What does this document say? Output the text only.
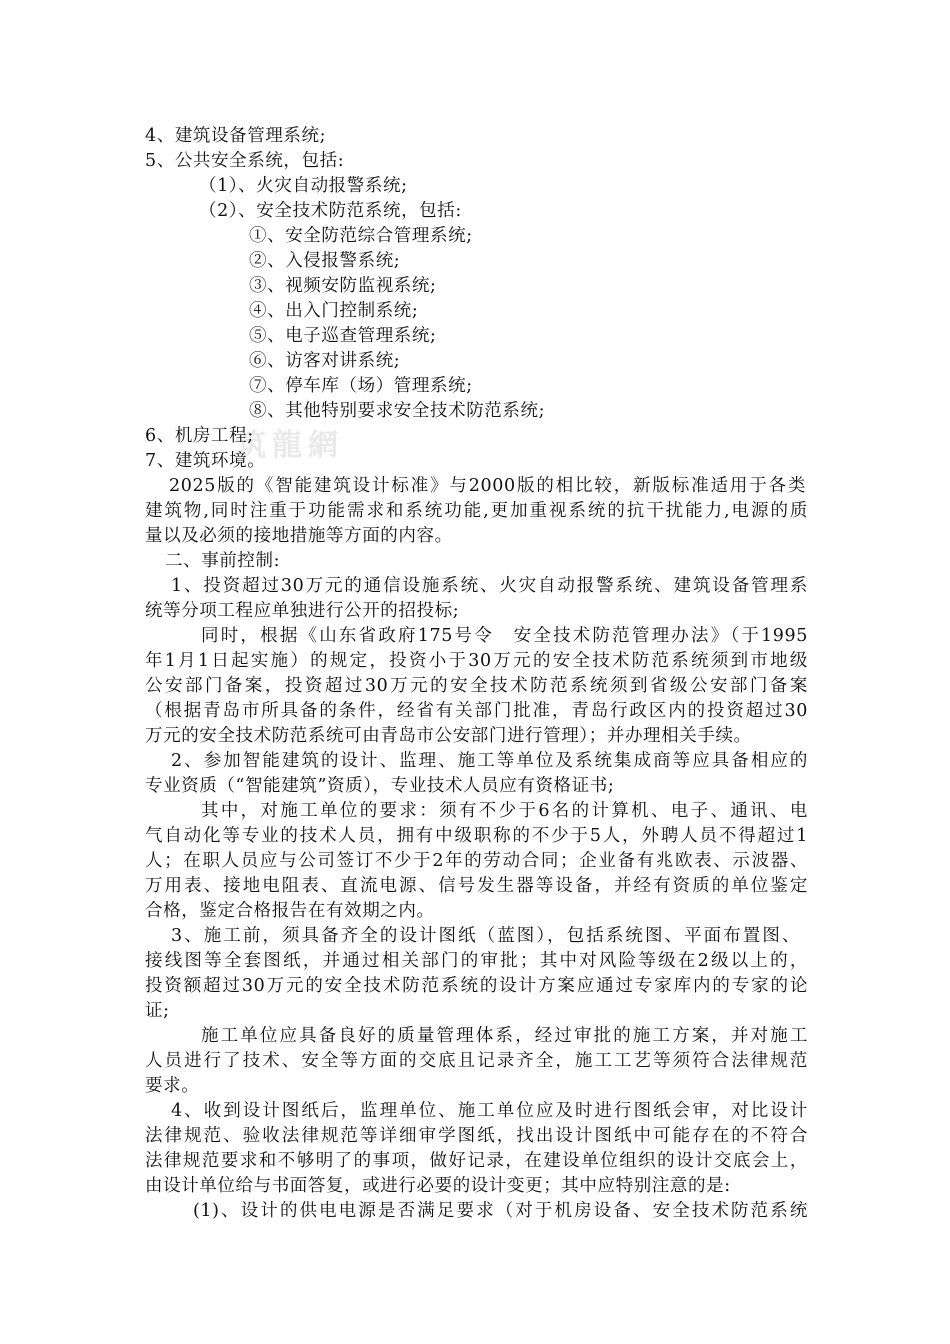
筑龍網
4、建筑设备管理系统;
5、公共安全系统，包括:
（1）、火灾自动报警系统;
（2）、安全技术防范系统，包括:
①、安全防范综合管理系统;
②、入侵报警系统;
③、视频安防监视系统;
④、出入门控制系统;
⑤、电子巡查管理系统;
⑥、访客对讲系统;
⑦、停车库（场）管理系统;
⑧、其他特别要求安全技术防范系统;
6、机房工程;
7、建筑环境。
2025版的《智能建筑设计标准》与2000版的相比较，新版标准适用于各类
建筑物,同时注重于功能需求和系统功能,更加重视系统的抗干扰能力,电源的质
量以及必须的接地措施等方面的内容。
二、事前控制:
1、投资超过30万元的通信设施系统、火灾自动报警系统、建筑设备管理系
统等分项工程应单独进行公开的招投标;
同时，根据《山东省政府175号令　安全技术防范管理办法》（于1995
年1月1日起实施）的规定，投资小于30万元的安全技术防范系统须到市地级
公安部门备案，投资超过30万元的安全技术防范系统须到省级公安部门备案
（根据青岛市所具备的条件，经省有关部门批准，青岛行政区内的投资超过30
万元的安全技术防范系统可由青岛市公安部门进行管理）；并办理相关手续。
2、参加智能建筑的设计、监理、施工等单位及系统集成商等应具备相应的
专业资质（“智能建筑”资质），专业技术人员应有资格证书;
其中，对施工单位的要求：须有不少于6名的计算机、电子、通讯、电
气自动化等专业的技术人员，拥有中级职称的不少于5人，外聘人员不得超过1
人；在职人员应与公司签订不少于2年的劳动合同；企业备有兆欧表、示波器、
万用表、接地电阻表、直流电源、信号发生器等设备，并经有资质的单位鉴定
合格，鉴定合格报告在有效期之内。
3、施工前，须具备齐全的设计图纸（蓝图），包括系统图、平面布置图、
接线图等全套图纸，并通过相关部门的审批；其中对风险等级在2级以上的，
投资额超过30万元的安全技术防范系统的设计方案应通过专家库内的专家的论
证;
施工单位应具备良好的质量管理体系，经过审批的施工方案，并对施工
人员进行了技术、安全等方面的交底且记录齐全，施工工艺等须符合法律规范
要求。
4、收到设计图纸后，监理单位、施工单位应及时进行图纸会审，对比设计
法律规范、验收法律规范等详细审学图纸，找出设计图纸中可能存在的不符合
法律规范要求和不够明了的事项，做好记录，在建设单位组织的设计交底会上，
由设计单位给与书面答复，或进行必要的设计变更；其中应特别注意的是:
(1)、设计的供电电源是否满足要求（对于机房设备、安全技术防范系统
